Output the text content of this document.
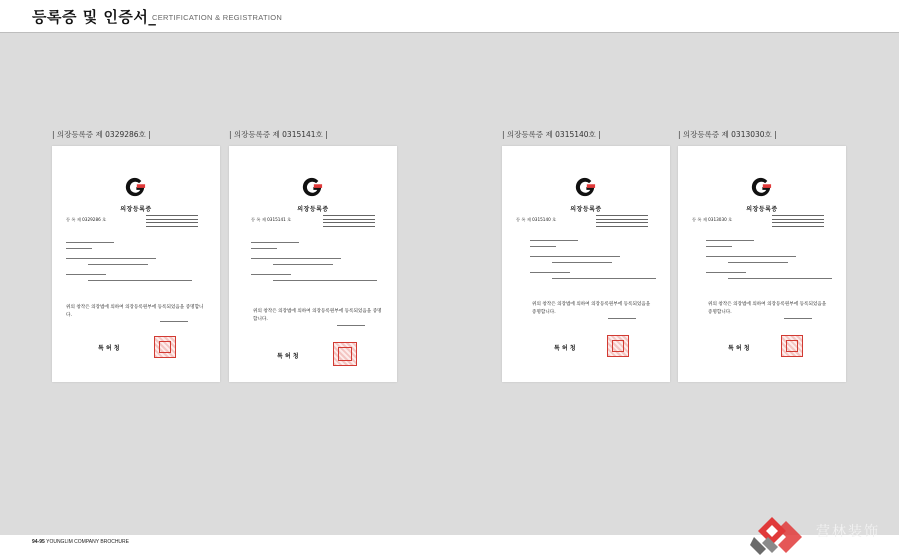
등록증 및 인증서_
CERTIFICATION & REGISTRATION
| 의장등록증 제 0329286호 |
의장등록증
등 록 제 0329286 호
위의 창작은 의장법에 의하여 의장등록원부에 등록되었음을 증명합니다.
특 허 청
| 의장등록증 제 0315141호 |
의장등록증
등 록 제 0315141 호
위의 창작은 의장법에 의하여 의장등록원부에 등록되었음을 증명합니다.
특 허 청
| 의장등록증 제 0315140호 |
의장등록증
등 록 제 0315140 호
위의 창작은 의장법에 의하여 의장등록원부에 등록되었음을 증명합니다.
특 허 청
| 의장등록증 제 0313030호 |
의장등록증
등 록 제 0313030 호
위의 창작은 의장법에 의하여 의장등록원부에 등록되었음을 증명합니다.
특 허 청
94-95 YOUNGLIM COMPANY BROCHURE
营林装饰
